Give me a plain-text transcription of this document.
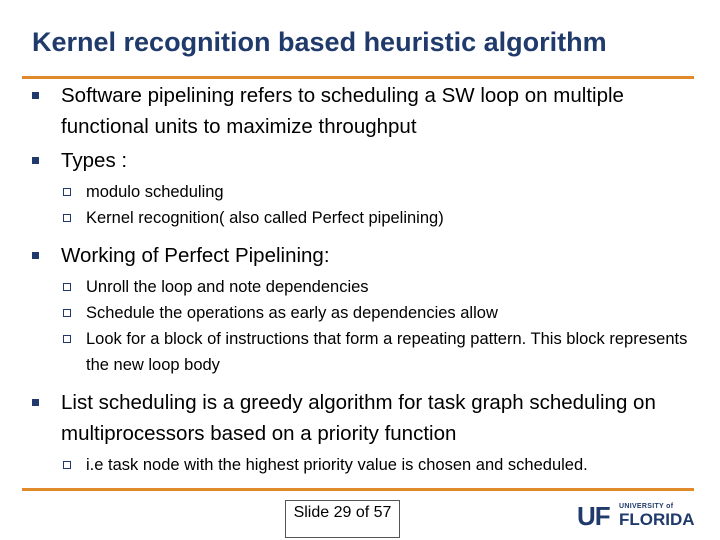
Kernel recognition based heuristic algorithm
Software pipelining refers to scheduling a SW loop on multiple functional units to maximize throughput
Types :
modulo scheduling
Kernel recognition( also called Perfect pipelining)
Working of Perfect Pipelining:
Unroll the loop and note dependencies
Schedule the operations as early as dependencies allow
Look for a block of instructions that form a repeating pattern. This block represents the new loop body
List scheduling is a greedy algorithm for task graph scheduling on multiprocessors based on a priority function
i.e task node with the highest priority value is chosen and scheduled.
Slide 29 of 57	UF UNIVERSITY of
FLORIDA
